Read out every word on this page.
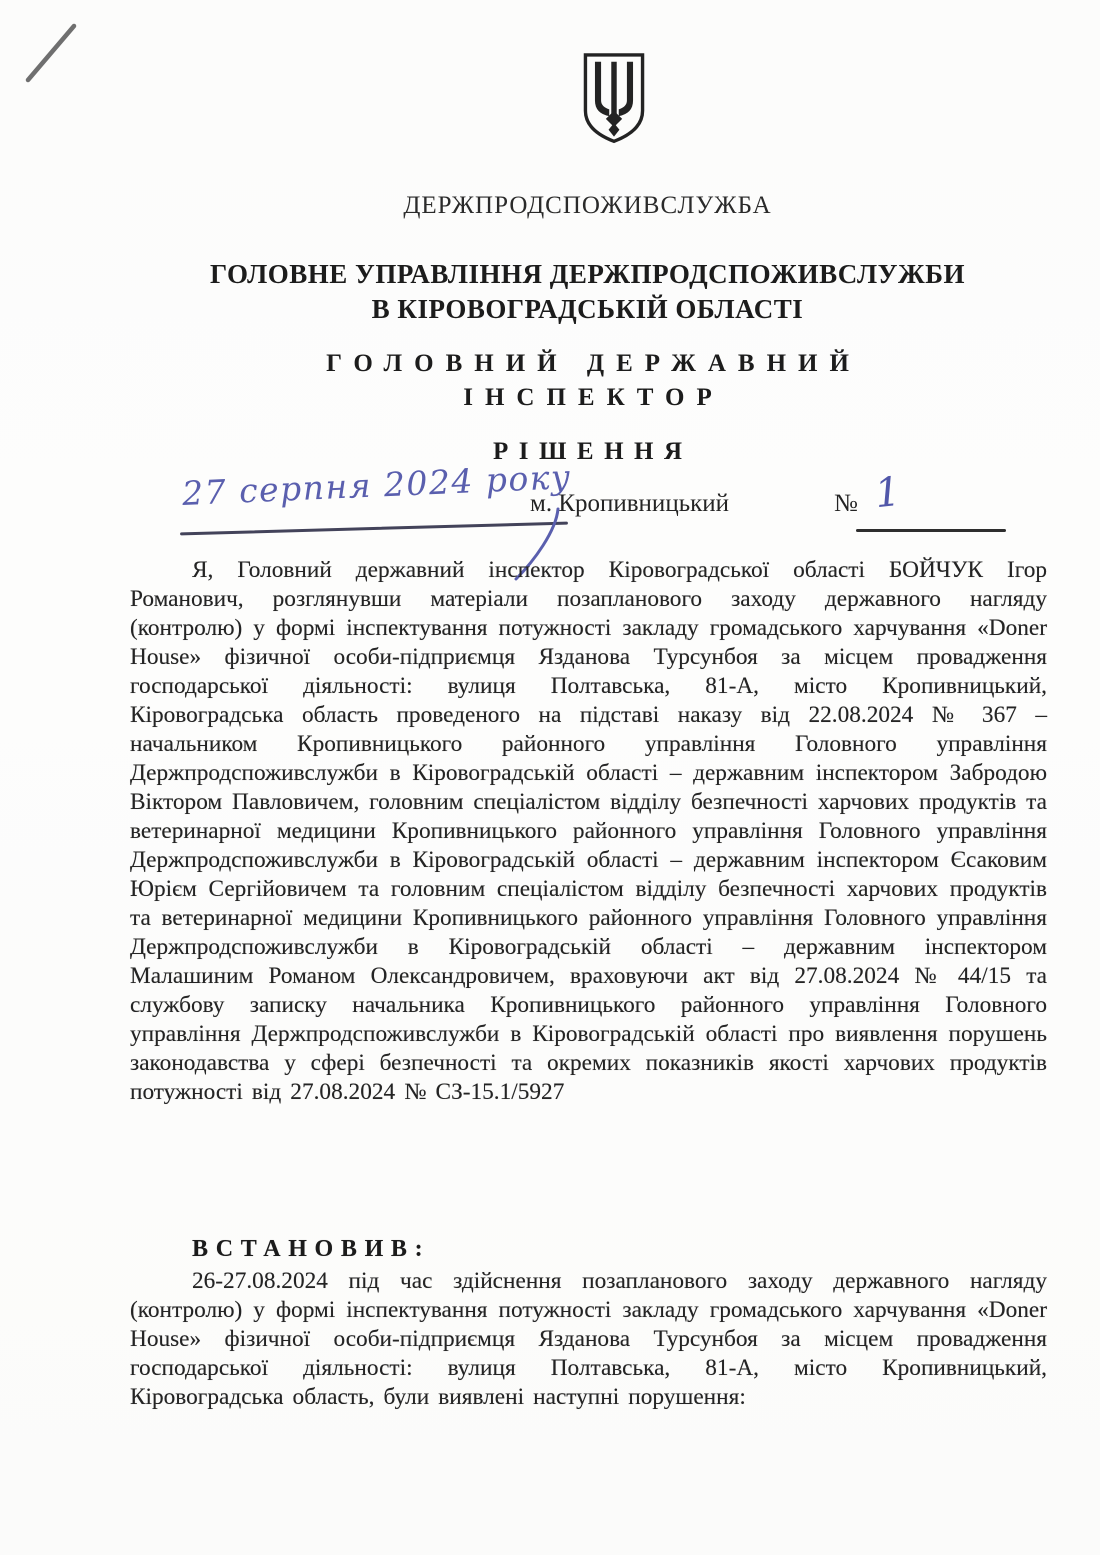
ДЕРЖПРОДСПОЖИВСЛУЖБА
ГОЛОВНЕ УПРАВЛІННЯ ДЕРЖПРОДСПОЖИВСЛУЖБИ
В КІРОВОГРАДСЬКІЙ ОБЛАСТІ
ГОЛОВНИЙ ДЕРЖАВНИЙ
ІНСПЕКТОР
РІШЕННЯ
27 серпня 2024 року
м. Кропивницький	№ 1
Я, Головний державний інспектор Кіровоградської області БОЙЧУК Ігор Романович, розглянувши матеріали позапланового заходу державного нагляду (контролю) у формі інспектування потужності закладу громадського харчування «Doner House» фізичної особи-підприємця Язданова Турсунбоя за місцем провадження господарської діяльності: вулиця Полтавська, 81-А, місто Кропивницький, Кіровоградська область проведеного на підставі наказу від 22.08.2024 № 367 – начальником Кропивницького районного управління Головного управління Держпродспоживслужби в Кіровоградській області – державним інспектором Забродою Віктором Павловичем, головним спеціалістом відділу безпечності харчових продуктів та ветеринарної медицини Кропивницького районного управління Головного управління Держпродспоживслужби в Кіровоградській області – державним інспектором Єсаковим Юрієм Сергійовичем та головним спеціалістом відділу безпечності харчових продуктів та ветеринарної медицини Кропивницького районного управління Головного управління Держпродспоживслужби в Кіровоградській області – державним інспектором Малашиним Романом Олександровичем, враховуючи акт від 27.08.2024 № 44/15 та службову записку начальника Кропивницького районного управління Головного управління Держпродспоживслужби в Кіровоградській області про виявлення порушень законодавства у сфері безпечності та окремих показників якості харчових продуктів потужності від 27.08.2024 № СЗ-15.1/5927
ВСТАНОВИВ:
26-27.08.2024 під час здійснення позапланового заходу державного нагляду (контролю) у формі інспектування потужності закладу громадського харчування «Doner House» фізичної особи-підприємця Язданова Турсунбоя за місцем провадження господарської діяльності: вулиця Полтавська, 81-А, місто Кропивницький, Кіровоградська область, були виявлені наступні порушення:
